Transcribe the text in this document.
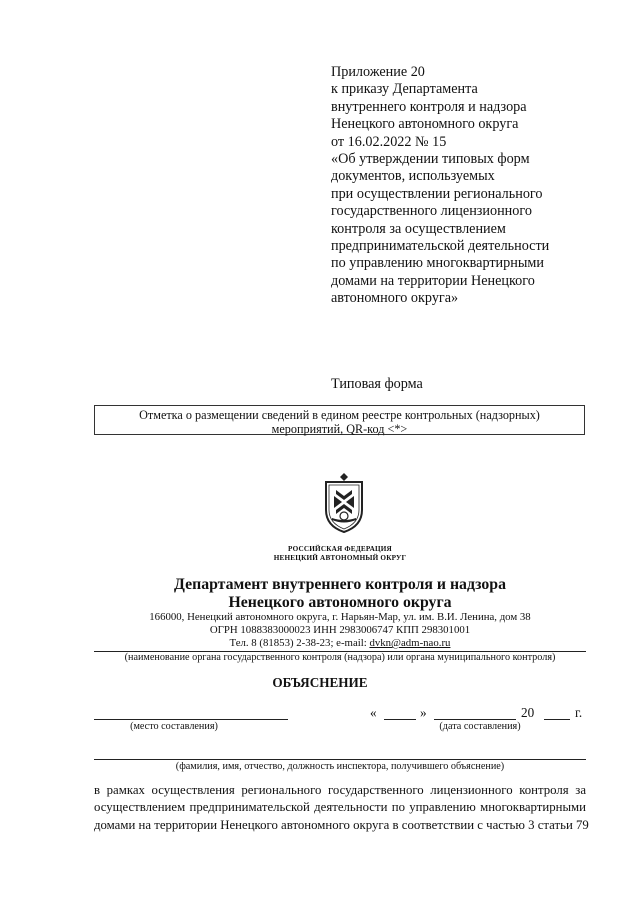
Приложение 20
к приказу Департамента
внутреннего контроля и надзора
Ненецкого автономного округа
от 16.02.2022 № 15
«Об утверждении типовых форм
документов, используемых
при осуществлении регионального
государственного лицензионного
контроля за осуществлением
предпринимательской деятельности
по управлению многоквартирными
домами на территории Ненецкого
автономного округа»
Типовая форма
Отметка о размещении сведений в едином реестре контрольных (надзорных)
мероприятий, QR-код <*>
РОССИЙСКАЯ ФЕДЕРАЦИЯ
НЕНЕЦКИЙ АВТОНОМНЫЙ ОКРУГ
Департамент внутреннего контроля и надзора
Ненецкого автономного округа
166000, Ненецкий автономного округа, г. Нарьян-Мар, ул. им. В.И. Ленина, дом 38
ОГРН 1088383000023 ИНН 2983006747 КПП 298301001
Тел. 8 (81853) 2-38-23; e-mail: dvkn@adm-nao.ru
(наименование органа государственного контроля (надзора) или органа муниципального контроля)
ОБЪЯСНЕНИЕ
(место составления)
«	»	20	г.
(дата составления)
(фамилия, имя, отчество, должность инспектора, получившего объяснение)
в рамках осуществления регионального государственного лицензионного контроля за
осуществлением предпринимательской деятельности по управлению многоквартирными
домами на территории Ненецкого автономного округа в соответствии с частью 3 статьи 79
